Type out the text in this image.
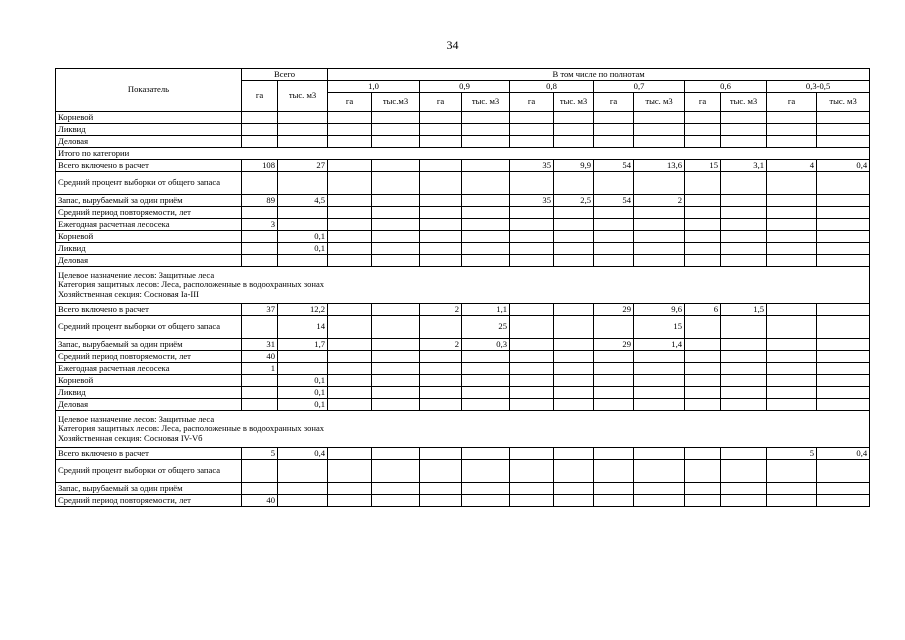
34
Показатель	Всего		В том числе по полнотам											
	га	тыс. м3	1,0		0,9		0,8		0,7		0,6		0,3-0,5	
			га	тыс.м3	га	тыс. м3	га	тыс. м3	га	тыс. м3	га	тыс. м3	га	тыс. м3
Корневой														
Ликвид														
Деловая														

Итого по категории														

Всего включено в расчет	108	27					35	9,9	54	13,6	15	3,1	4	0,4
Средний процент выборки от общего запаса														
Запас, вырубаемый за один приём	89	4,5					35	2,5	54	2				
Средний период повторяемости, лет														
Ежегодная расчетная лесосека	3													
Корневой		0,1												
Ликвид		0,1												
Деловая														

Целевое назначение лесов: Защитные леса
Категория защитных лесов: Леса, расположенные в водоохранных зонах
Хозяйственная секция: Сосновая Ia-III														

Всего включено в расчет	37	12,2			2	1,1			29	9,6	6	1,5		
Средний процент выборки от общего запаса		14				25				15				
Запас, вырубаемый за один приём	31	1,7			2	0,3			29	1,4				
Средний период повторяемости, лет	40													
Ежегодная расчетная лесосека	1													
Корневой		0,1												
Ликвид		0,1												
Деловая		0,1												

Целевое назначение лесов: Защитные леса
Категория защитных лесов: Леса, расположенные в водоохранных зонах
Хозяйственная секция: Сосновая IV-Vб														

Всего включено в расчет	5	0,4											5	0,4
Средний процент выборки от общего запаса														
Запас, вырубаемый за один приём														
Средний период повторяемости, лет	40													
